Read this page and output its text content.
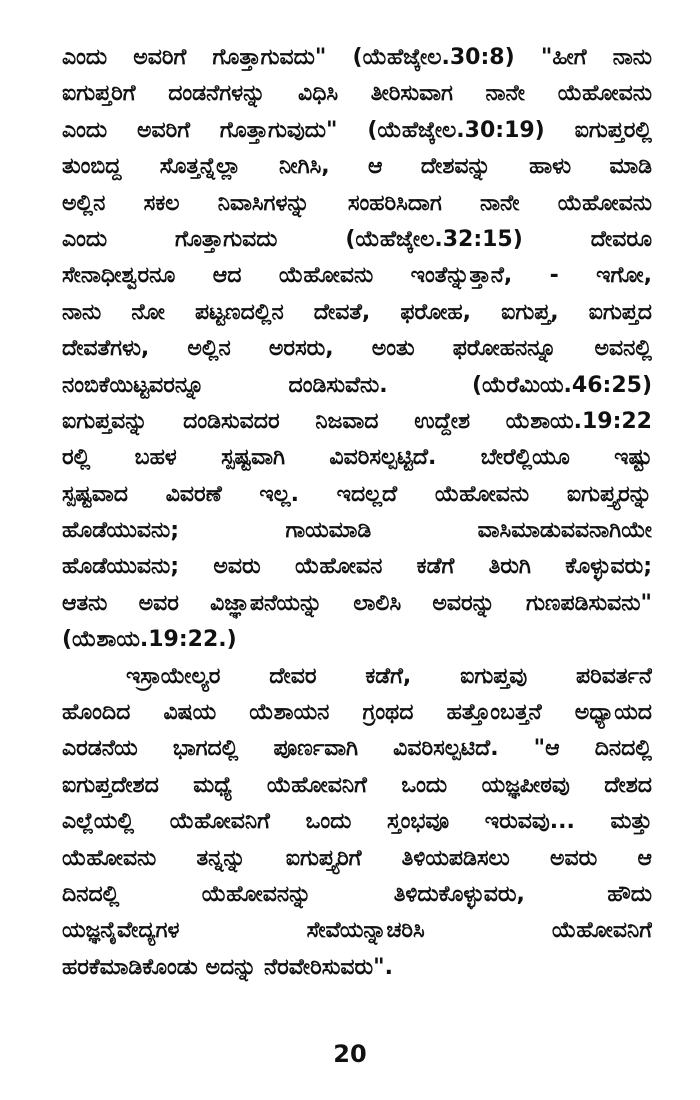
ಎಂದು ಅವರಿಗೆ ಗೊತ್ತಾಗುವದು" (ಯೆಹೆಜ್ಕೇಲ.30:8) "ಹೀಗೆ ನಾನು
ಐಗುಪ್ತರಿಗೆ ದಂಡನೆಗಳನ್ನು ವಿಧಿಸಿ ತೀರಿಸುವಾಗ ನಾನೇ ಯೆಹೋವನು
ಎಂದು ಅವರಿಗೆ ಗೊತ್ತಾಗುವುದು" (ಯೆಹೆಜ್ಕೇಲ.30:19) ಐಗುಪ್ತರಲ್ಲಿ
ತುಂಬಿದ್ದ ಸೊತ್ತನ್ನೆಲ್ಲಾ ನೀಗಿಸಿ, ಆ ದೇಶವನ್ನು ಹಾಳು ಮಾಡಿ
ಅಲ್ಲಿನ ಸಕಲ ನಿವಾಸಿಗಳನ್ನು ಸಂಹರಿಸಿದಾಗ ನಾನೇ ಯೆಹೋವನು
ಎಂದು ಗೊತ್ತಾಗುವದು (ಯೆಹೆಜ್ಕೇಲ.32:15) ದೇವರೂ
ಸೇನಾಧೀಶ್ವರನೂ ಆದ ಯೆಹೋವನು ಇಂತೆನ್ನುತ್ತಾನೆ, - ಇಗೋ,
ನಾನು ನೋ ಪಟ್ಟಣದಲ್ಲಿನ ದೇವತೆ, ಫರೋಹ, ಐಗುಪ್ತ, ಐಗುಪ್ತದ
ದೇವತೆಗಳು, ಅಲ್ಲಿನ ಅರಸರು, ಅಂತು ಫರೋಹನನ್ನೂ ಅವನಲ್ಲಿ
ನಂಬಿಕೆಯಿಟ್ಟವರನ್ನೂ ದಂಡಿಸುವೆನು. (ಯೆರೆಮಿಯ.46:25)
ಐಗುಪ್ತವನ್ನು ದಂಡಿಸುವದರ ನಿಜವಾದ ಉದ್ದೇಶ ಯೆಶಾಯ.19:22
ರಲ್ಲಿ ಬಹಳ ಸ್ಪಷ್ಟವಾಗಿ ವಿವರಿಸಲ್ಪಟ್ಟಿದೆ. ಬೇರೆಲ್ಲಿಯೂ ಇಷ್ಟು
ಸ್ಪಷ್ಟವಾದ ವಿವರಣೆ ಇಲ್ಲ. ಇದಲ್ಲದೆ ಯೆಹೋವನು ಐಗುಪ್ತ್ಯರನ್ನು
ಹೊಡೆಯುವನು; ಗಾಯಮಾಡಿ ವಾಸಿಮಾಡುವವನಾಗಿಯೇ
ಹೊಡೆಯುವನು; ಅವರು ಯೆಹೋವನ ಕಡೆಗೆ ತಿರುಗಿ ಕೊಳ್ಳುವರು;
ಆತನು ಅವರ ವಿಜ್ಞಾಪನೆಯನ್ನು ಲಾಲಿಸಿ ಅವರನ್ನು ಗುಣಪಡಿಸುವನು"
(ಯೆಶಾಯ.19:22.)
ಇಸ್ರಾಯೇಲ್ಯರ ದೇವರ ಕಡೆಗೆ, ಐಗುಪ್ತವು ಪರಿವರ್ತನೆ
ಹೊಂದಿದ ವಿಷಯ ಯೆಶಾಯನ ಗ್ರಂಥದ ಹತ್ತೊಂಬತ್ತನೆ ಅಧ್ಯಾಯದ
ಎರಡನೆಯ ಭಾಗದಲ್ಲಿ ಪೂರ್ಣವಾಗಿ ವಿವರಿಸಲ್ಪಟಿದೆ. "ಆ ದಿನದಲ್ಲಿ
ಐಗುಪ್ತದೇಶದ ಮಧ್ಯೆ ಯೆಹೋವನಿಗೆ ಒಂದು ಯಜ್ಞಪೀಠವು ದೇಶದ
ಎಲ್ಲೆಯಲ್ಲಿ ಯೆಹೋವನಿಗೆ ಒಂದು ಸ್ತಂಭವೂ ಇರುವವು... ಮತ್ತು
ಯೆಹೋವನು ತನ್ನನ್ನು ಐಗುಪ್ತ್ಯರಿಗೆ ತಿಳಿಯಪಡಿಸಲು ಅವರು ಆ
ದಿನದಲ್ಲಿ ಯೆಹೋವನನ್ನು ತಿಳಿದುಕೊಳ್ಳುವರು, ಹೌದು
ಯಜ್ಞನೈವೇದ್ಯಗಳ ಸೇವೆಯನ್ನಾಚರಿಸಿ ಯೆಹೋವನಿಗೆ
ಹರಕೆಮಾಡಿಕೊಂಡು ಅದನ್ನು ನೆರವೇರಿಸುವರು".
20
